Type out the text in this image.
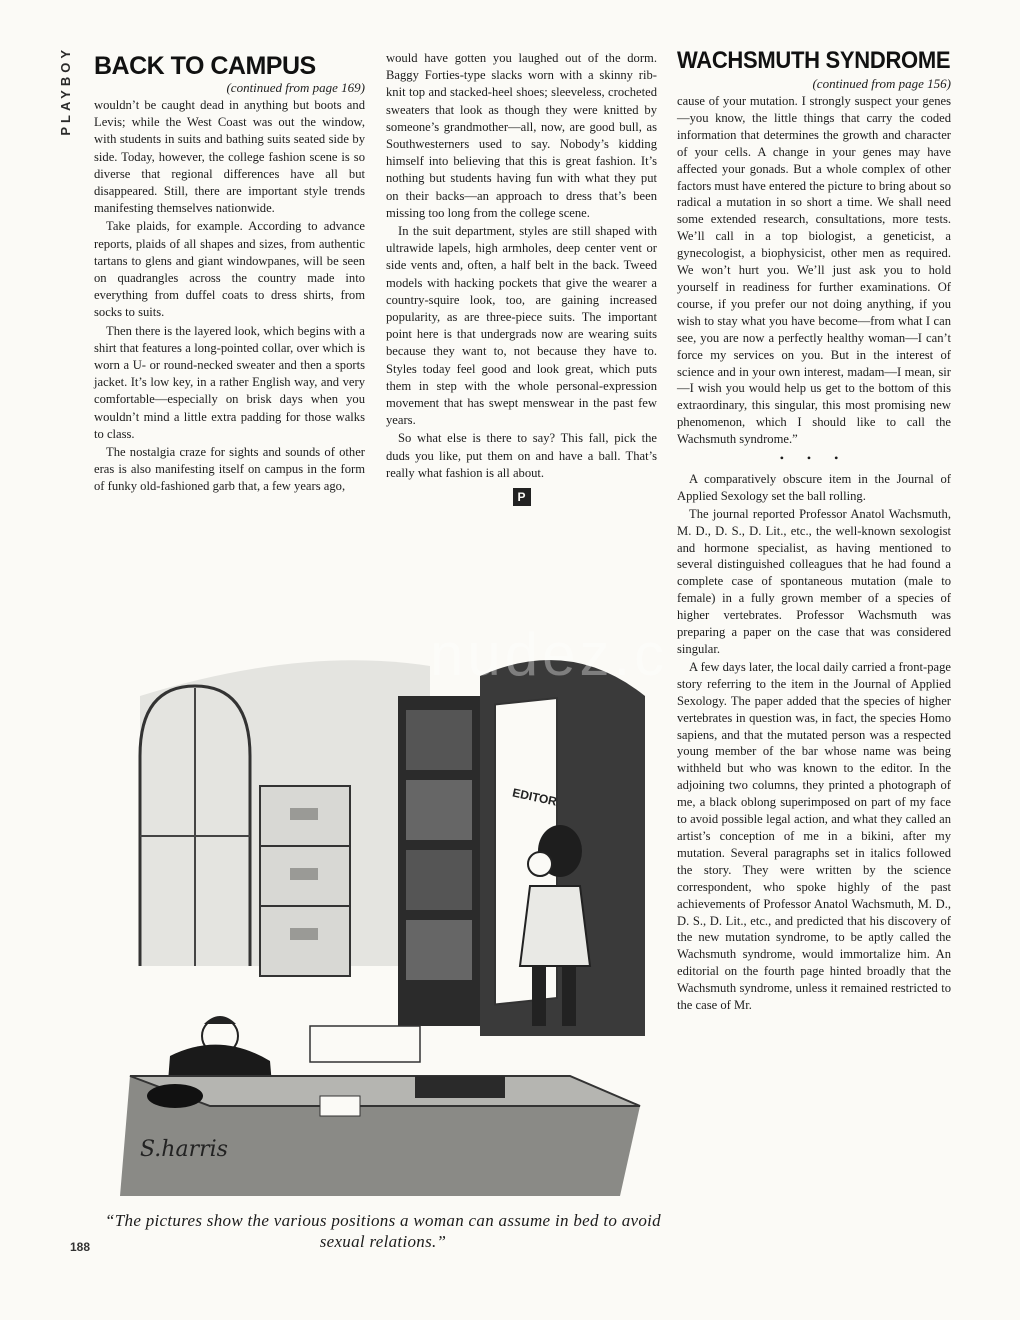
PLAYBOY BACK TO CAMPUS
(continued from page 169)

wouldn’t be caught dead in anything but boots and Levis; while the West Coast was out the window, with students in suits and bathing suits seated side by side. Today, however, the college fashion scene is so diverse that regional differences have all but disappeared. Still, there are important style trends manifesting themselves nationwide.

Take plaids, for example. According to advance reports, plaids of all shapes and sizes, from authentic tartans to glens and giant windowpanes, will be seen on quadrangles across the country made into everything from duffel coats to dress shirts, from socks to suits.

Then there is the layered look, which begins with a shirt that features a long-pointed collar, over which is worn a U- or round-necked sweater and then a sports jacket. It’s low key, in a rather English way, and very comfortable—especially on brisk days when you wouldn’t mind a little extra padding for those walks to class.

The nostalgia craze for sights and sounds of other eras is also manifesting itself on campus in the form of funky old-fashioned garb that, a few years ago,

would have gotten you laughed out of the dorm. Baggy Forties-type slacks worn with a skinny rib-knit top and stacked-heel shoes; sleeveless, crocheted sweaters that look as though they were knitted by someone’s grandmother—all, now, are good bull, as Southwesterners used to say. Nobody’s kidding himself into believing that this is great fashion. It’s nothing but students having fun with what they put on their backs—an approach to dress that’s been missing too long from the college scene.

In the suit department, styles are still shaped with ultrawide lapels, high armholes, deep center vent or side vents and, often, a half belt in the back. Tweed models with hacking pockets that give the wearer a country-squire look, too, are gaining increased popularity, as are three-piece suits. The important point here is that undergrads now are wearing suits because they want to, not because they have to. Styles today feel good and look great, which puts them in step with the whole personal-expression movement that has swept menswear in the past few years.

So what else is there to say? This fall, pick the duds you like, put them on and have a ball. That’s really what fashion is all about.

P
WACHSMUTH SYNDROME
(continued from page 156)

cause of your mutation. I strongly suspect your genes—you know, the little things that carry the coded information that determines the growth and character of your cells. A change in your genes may have affected your gonads. But a whole complex of other factors must have entered the picture to bring about so radical a mutation in so short a time. We shall need some extended research, consultations, more tests. We’ll call in a top biologist, a geneticist, a gynecologist, a biophysicist, other men as required. We won’t hurt you. We’ll just ask you to hold yourself in readiness for further examinations. Of course, if you prefer our not doing anything, if you wish to stay what you have become—from what I can see, you are now a perfectly healthy woman—I can’t force my services on you. But in the interest of science and in your own interest, madam—I mean, sir—I wish you would help us get to the bottom of this extraordinary, this singular, this most promising new phenomenon, which I should like to call the Wachsmuth syndrome.”

• • •

A comparatively obscure item in the Journal of Applied Sexology set the ball rolling.

The journal reported Professor Anatol Wachsmuth, M. D., D. S., D. Lit., etc., the well-known sexologist and hormone specialist, as having mentioned to several distinguished colleagues that he had found a complete case of spontaneous mutation (male to female) in a fully grown member of a species of higher vertebrates. Professor Wachsmuth was preparing a paper on the case that was considered singular.

A few days later, the local daily carried a front-page story referring to the item in the Journal of Applied Sexology. The paper added that the species of higher vertebrates in question was, in fact, the species Homo sapiens, and that the mutated person was a respected young member of the bar whose name was being withheld but who was known to the editor. In the adjoining two columns, they printed a photograph of me, a black oblong superimposed on part of my face to avoid possible legal action, and what they called an artist’s conception of me in a bikini, after my mutation. Several paragraphs set in italics followed the story. They were written by the science correspondent, who spoke highly of the past achievements of Professor Anatol Wachsmuth, M. D., D. S., D. Lit., etc., and predicted that his discovery of the new mutation syndrome, to be aptly called the Wachsmuth syndrome, would immortalize him. An editorial on the fourth page hinted broadly that the Wachsmuth syndrome, unless it remained restricted to the case of Mr.

EDITOR
S.harris
nudez.c
“The pictures show the various positions a woman can assume in bed to avoid sexual relations.”
188
